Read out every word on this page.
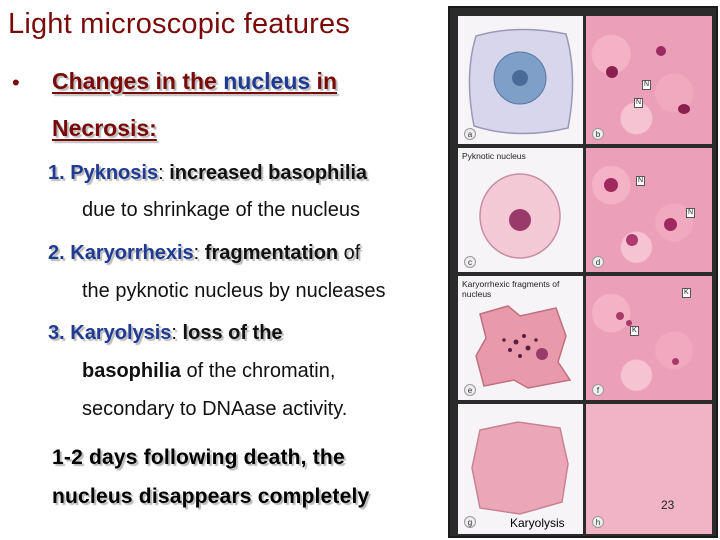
Light microscopic features
• Changes in the nucleus in
Necrosis:
1. Pyknosis: increased basophilia
due to shrinkage of the nucleus
2. Karyorrhexis: fragmentation of
the pyknotic nucleus by nucleases
3. Karyolysis: loss of the
basophilia of the chromatin,
secondary to DNAase activity.
1-2 days following death, the
nucleus disappears completely
a
N
N
b
Pyknotic nucleus
c
N
N
d
Karyorrhexic fragments of
nucleus
e
K
K
f
g	h
Karyolysis
23
